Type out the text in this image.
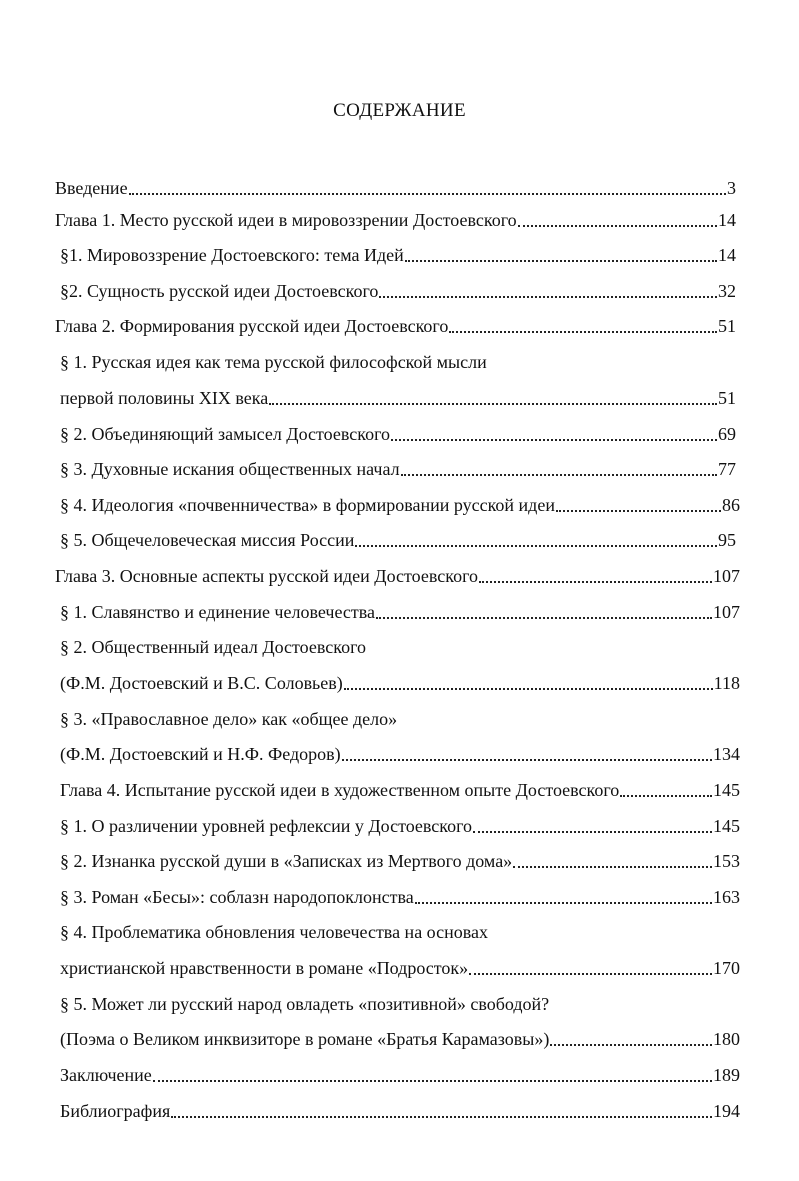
СОДЕРЖАНИЕ
Введение	3
Глава 1. Место русской идеи в мировоззрении Достоевского	14
§1. Мировоззрение Достоевского: тема Идей	14
§2. Сущность русской идеи Достоевского	32
Глава 2. Формирования русской идеи Достоевского	51
§ 1. Русская идея как тема русской философской мысли
первой половины XIX века	51
§ 2. Объединяющий замысел Достоевского	69
§ 3. Духовные искания общественных начал	77
§ 4. Идеология «почвенничества» в формировании русской идеи	86
§ 5. Общечеловеческая миссия России	95
Глава 3. Основные аспекты русской идеи Достоевского	107
§ 1. Славянство и единение человечества	107
§ 2. Общественный идеал Достоевского
(Ф.М. Достоевский и В.С. Соловьев)	118
§ 3. «Православное дело» как «общее дело»
(Ф.М. Достоевский и Н.Ф. Федоров)	134
Глава 4. Испытание русской идеи в художественном опыте Достоевского	145
§ 1. О различении уровней рефлексии у Достоевского	145
§ 2. Изнанка русской души в «Записках из Мертвого дома»	153
§ 3. Роман «Бесы»: соблазн народопоклонства	163
§ 4. Проблематика обновления человечества на основах
христианской нравственности в романе «Подросток»	170
§ 5. Может ли русский народ овладеть «позитивной» свободой?
(Поэма о Великом инквизиторе в романе «Братья Карамазовы»)	180
Заключение	189
Библиография	194
